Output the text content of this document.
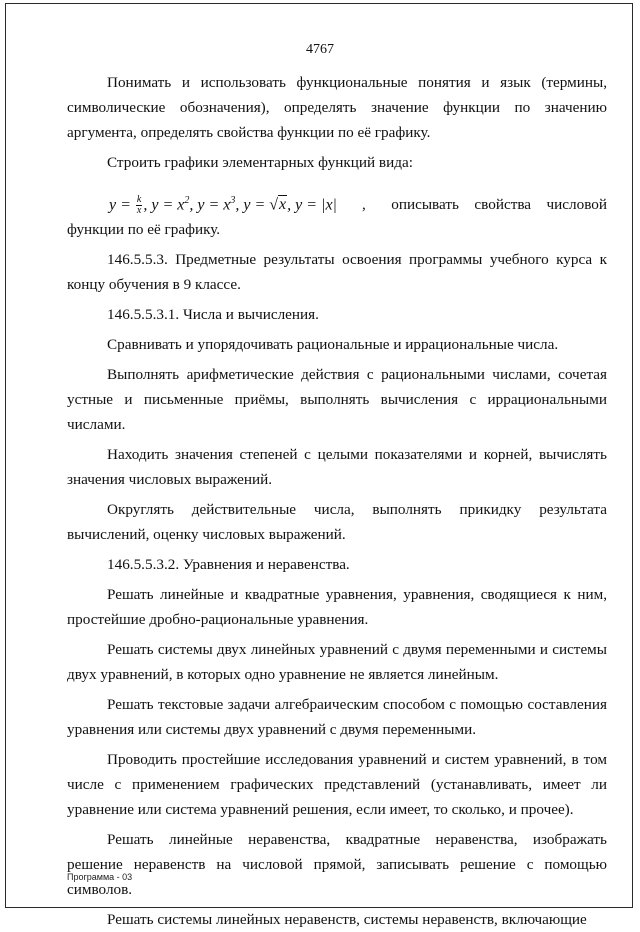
4767

Понимать и использовать функциональные понятия и язык (термины, символические обозначения), определять значение функции по значению аргумента, определять свойства функции по её графику.

Строить графики элементарных функций вида:

$y = \frac{k}{x}$ , $y = x^2$, $y = x^3$, y = √x, y = |x| , описывать свойства числовой

функции по её графику.

146.5.5.3. Предметные результаты освоения программы учебного курса к концу обучения в 9 классе.

146.5.5.3.1. Числа и вычисления.

Сравнивать и упорядочивать рациональные и иррациональные числа.

Выполнять арифметические действия с рациональными числами, сочетая устные и письменные приёмы, выполнять вычисления с иррациональными числами.

Находить значения степеней с целыми показателями и корней, вычислять значения числовых выражений.

Округлять действительные числа, выполнять прикидку результата вычислений, оценку числовых выражений.

146.5.5.3.2. Уравнения и неравенства.

Решать линейные и квадратные уравнения, уравнения, сводящиеся к ним, простейшие дробно-рациональные уравнения.

Решать системы двух линейных уравнений с двумя переменными и системы двух уравнений, в которых одно уравнение не является линейным.

Решать текстовые задачи алгебраическим способом с помощью составления уравнения или системы двух уравнений с двумя переменными.

Проводить простейшие исследования уравнений и систем уравнений, в том числе с применением графических представлений (устанавливать, имеет ли уравнение или система уравнений решения, если имеет, то сколько, и прочее).

Решать линейные неравенства, квадратные неравенства, изображать решение неравенств на числовой прямой, записывать решение с помощью символов.

Решать системы линейных неравенств, системы неравенств, включающие

Программа - 03
